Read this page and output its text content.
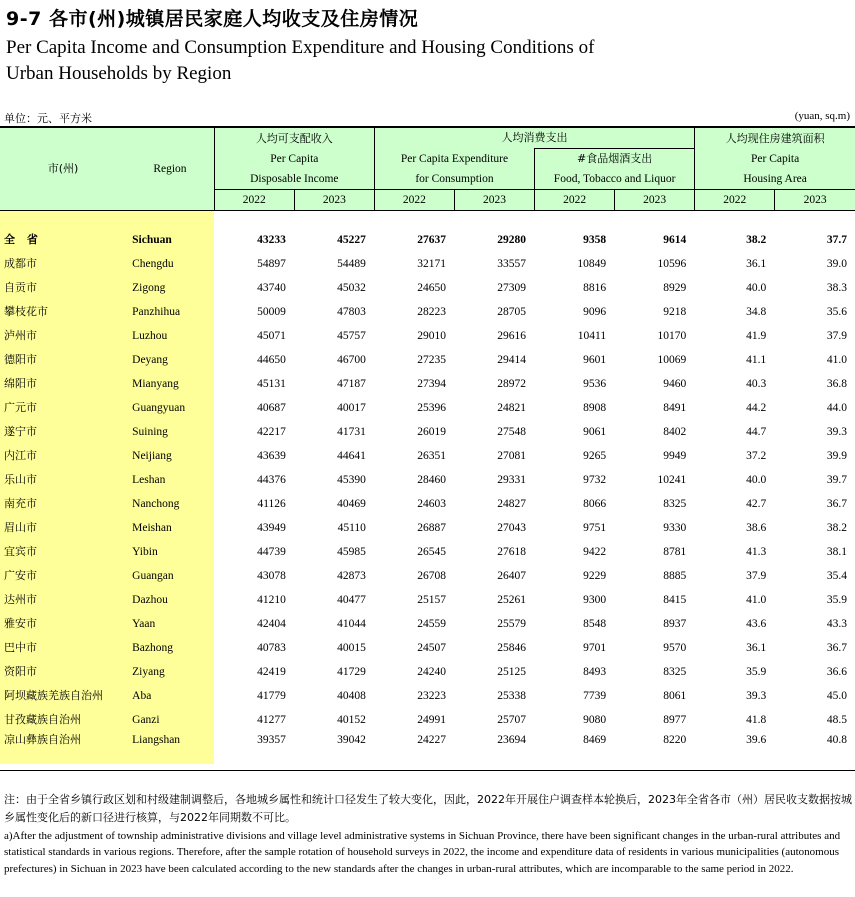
9-7 各市(州)城镇居民家庭人均收支及住房情况
Per Capita Income and Consumption Expenditure and Housing Conditions of
Urban Households by Region
单位：元、平方米	(yuan, sq.m)
市(州)	Region	人均可支配收入
Per Capita
Disposable Income		人均消费支出				人均现住房建筑面积
Per Capita
Housing Area	

				Per Capita Expenditure
for Consumption		#食品烟酒支出
Food, Tobacco and Liquor			

		2022	2023	2022	2023	2022	2023	2022	2023

全 省	Sichuan	43233	45227	27637	29280	9358	9614	38.2	37.7
成都市	Chengdu	54897	54489	32171	33557	10849	10596	36.1	39.0
自贡市	Zigong	43740	45032	24650	27309	8816	8929	40.0	38.3
攀枝花市	Panzhihua	50009	47803	28223	28705	9096	9218	34.8	35.6
泸州市	Luzhou	45071	45757	29010	29616	10411	10170	41.9	37.9
德阳市	Deyang	44650	46700	27235	29414	9601	10069	41.1	41.0
绵阳市	Mianyang	45131	47187	27394	28972	9536	9460	40.3	36.8
广元市	Guangyuan	40687	40017	25396	24821	8908	8491	44.2	44.0
遂宁市	Suining	42217	41731	26019	27548	9061	8402	44.7	39.3
内江市	Neijiang	43639	44641	26351	27081	9265	9949	37.2	39.9
乐山市	Leshan	44376	45390	28460	29331	9732	10241	40.0	39.7
南充市	Nanchong	41126	40469	24603	24827	8066	8325	42.7	36.7
眉山市	Meishan	43949	45110	26887	27043	9751	9330	38.6	38.2
宜宾市	Yibin	44739	45985	26545	27618	9422	8781	41.3	38.1
广安市	Guangan	43078	42873	26708	26407	9229	8885	37.9	35.4
达州市	Dazhou	41210	40477	25157	25261	9300	8415	41.0	35.9
雅安市	Yaan	42404	41044	24559	25579	8548	8937	43.6	43.3
巴中市	Bazhong	40783	40015	24507	25846	9701	9570	36.1	36.7
资阳市	Ziyang	42419	41729	24240	25125	8493	8325	35.9	36.6
阿坝藏族羌族自治州	Aba	41779	40408	23223	25338	7739	8061	39.3	45.0
甘孜藏族自治州	Ganzi	41277	40152	24991	25707	9080	8977	41.8	48.5
凉山彝族自治州	Liangshan	39357	39042	24227	23694	8469	8220	39.6	40.8
注：由于全省乡镇行政区划和村级建制调整后，各地城乡属性和统计口径发生了较大变化，因此，2022年开展住户调查样本轮换后，2023年全省各市（州）居民收支数据按城乡属性变化后的新口径进行核算，与2022年同期数不可比。
a)After the adjustment of township administrative divisions and village level administrative systems in Sichuan Province, there have been significant changes in the urban-rural attributes and statistical standards in various regions. Therefore, after the sample rotation of household surveys in 2022, the income and expenditure data of residents in various municipalities (autonomous prefectures) in Sichuan in 2023 have been calculated according to the new standards after the changes in urban-rural attributes, which are incomparable to the same period in 2022.
